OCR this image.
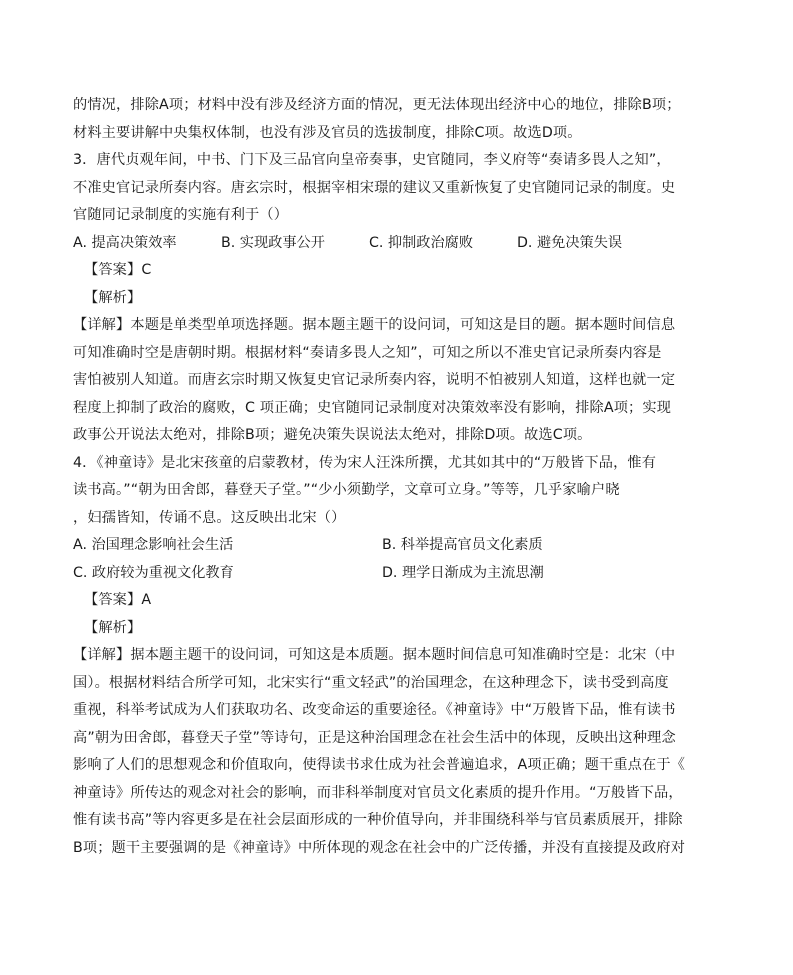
的情况，排除A项；材料中没有涉及经济方面的情况，更无法体现出经济中心的地位，排除B项；
材料主要讲解中央集权体制，也没有涉及官员的选拔制度，排除C项。故选D项。
3．唐代贞观年间，中书、门下及三品官向皇帝奏事，史官随同，李义府等“奏请多畏人之知”，
不准史官记录所奏内容。唐玄宗时，根据宰相宋璟的建议又重新恢复了史官随同记录的制度。史
官随同记录制度的实施有利于（）
A. 提高决策效率	B. 实现政事公开	C. 抑制政治腐败	D. 避免决策失误
【答案】C
【解析】
【详解】本题是单类型单项选择题。据本题主题干的设问词，可知这是目的题。据本题时间信息
可知准确时空是唐朝时期。根据材料“奏请多畏人之知”，可知之所以不准史官记录所奏内容是
害怕被别人知道。而唐玄宗时期又恢复史官记录所奏内容，说明不怕被别人知道，这样也就一定
程度上抑制了政治的腐败，C 项正确；史官随同记录制度对决策效率没有影响，排除A项；实现
政事公开说法太绝对，排除B项；避免决策失误说法太绝对，排除D项。故选C项。
4．《神童诗》是北宋孩童的启蒙教材，传为宋人汪洙所撰，尤其如其中的“万般皆下品，惟有
读书高。”“朝为田舍郎，暮登天子堂。”“少小须勤学，文章可立身。”等等，几乎家喻户晓
，妇孺皆知，传诵不息。这反映出北宋（）
A. 治国理念影响社会生活	B. 科举提高官员文化素质
C. 政府较为重视文化教育	D. 理学日渐成为主流思潮
【答案】A
【解析】
【详解】据本题主题干的设问词，可知这是本质题。据本题时间信息可知准确时空是：北宋（中
国）。根据材料结合所学可知，北宋实行“重文轻武”的治国理念，在这种理念下，读书受到高度
重视，科举考试成为人们获取功名、改变命运的重要途径。《神童诗》中“万般皆下品，惟有读书
高”朝为田舍郎，暮登天子堂”等诗句，正是这种治国理念在社会生活中的体现，反映出这种理念
影响了人们的思想观念和价值取向，使得读书求仕成为社会普遍追求，A项正确；题干重点在于《
神童诗》所传达的观念对社会的影响，而非科举制度对官员文化素质的提升作用。“万般皆下品，
惟有读书高”等内容更多是在社会层面形成的一种价值导向，并非围绕科举与官员素质展开，排除
B项；题干主要强调的是《神童诗》中所体现的观念在社会中的广泛传播，并没有直接提及政府对
